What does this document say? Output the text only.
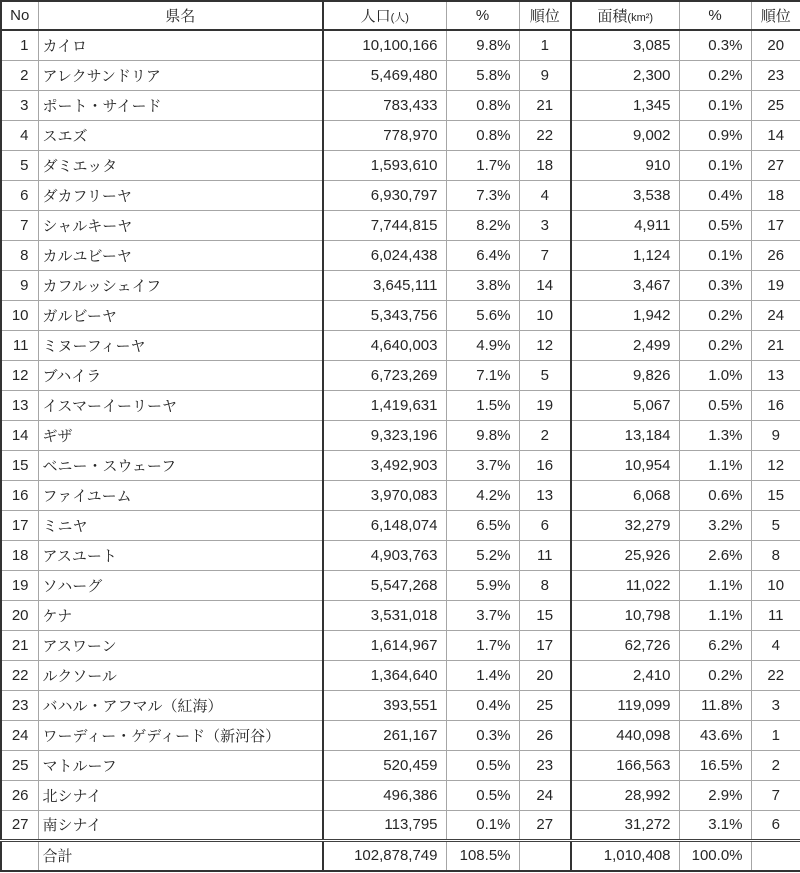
No	県名	人口(人)	%	順位	面積(km²)	%	順位
1	カイロ	10,100,166	9.8%	1	3,085	0.3%	20
2	アレクサンドリア	5,469,480	5.8%	9	2,300	0.2%	23
3	ポート・サイード	783,433	0.8%	21	1,345	0.1%	25
4	スエズ	778,970	0.8%	22	9,002	0.9%	14
5	ダミエッタ	1,593,610	1.7%	18	910	0.1%	27
6	ダカフリーヤ	6,930,797	7.3%	4	3,538	0.4%	18
7	シャルキーヤ	7,744,815	8.2%	3	4,911	0.5%	17
8	カルユビーヤ	6,024,438	6.4%	7	1,124	0.1%	26
9	カフルッシェイフ	3,645,111	3.8%	14	3,467	0.3%	19
10	ガルビーヤ	5,343,756	5.6%	10	1,942	0.2%	24
11	ミヌーフィーヤ	4,640,003	4.9%	12	2,499	0.2%	21
12	ブハイラ	6,723,269	7.1%	5	9,826	1.0%	13
13	イスマーイーリーヤ	1,419,631	1.5%	19	5,067	0.5%	16
14	ギザ	9,323,196	9.8%	2	13,184	1.3%	9
15	ベニー・スウェーフ	3,492,903	3.7%	16	10,954	1.1%	12
16	ファイユーム	3,970,083	4.2%	13	6,068	0.6%	15
17	ミニヤ	6,148,074	6.5%	6	32,279	3.2%	5
18	アスユート	4,903,763	5.2%	11	25,926	2.6%	8
19	ソハーグ	5,547,268	5.9%	8	11,022	1.1%	10
20	ケナ	3,531,018	3.7%	15	10,798	1.1%	11
21	アスワーン	1,614,967	1.7%	17	62,726	6.2%	4
22	ルクソール	1,364,640	1.4%	20	2,410	0.2%	22
23	バハル・アフマル（紅海）	393,551	0.4%	25	119,099	11.8%	3
24	ワーディー・ゲディード（新河谷）	261,167	0.3%	26	440,098	43.6%	1
25	マトルーフ	520,459	0.5%	23	166,563	16.5%	2
26	北シナイ	496,386	0.5%	24	28,992	2.9%	7
27	南シナイ	113,795	0.1%	27	31,272	3.1%	6
	合計	102,878,749	108.5%		1,010,408	100.0%	
